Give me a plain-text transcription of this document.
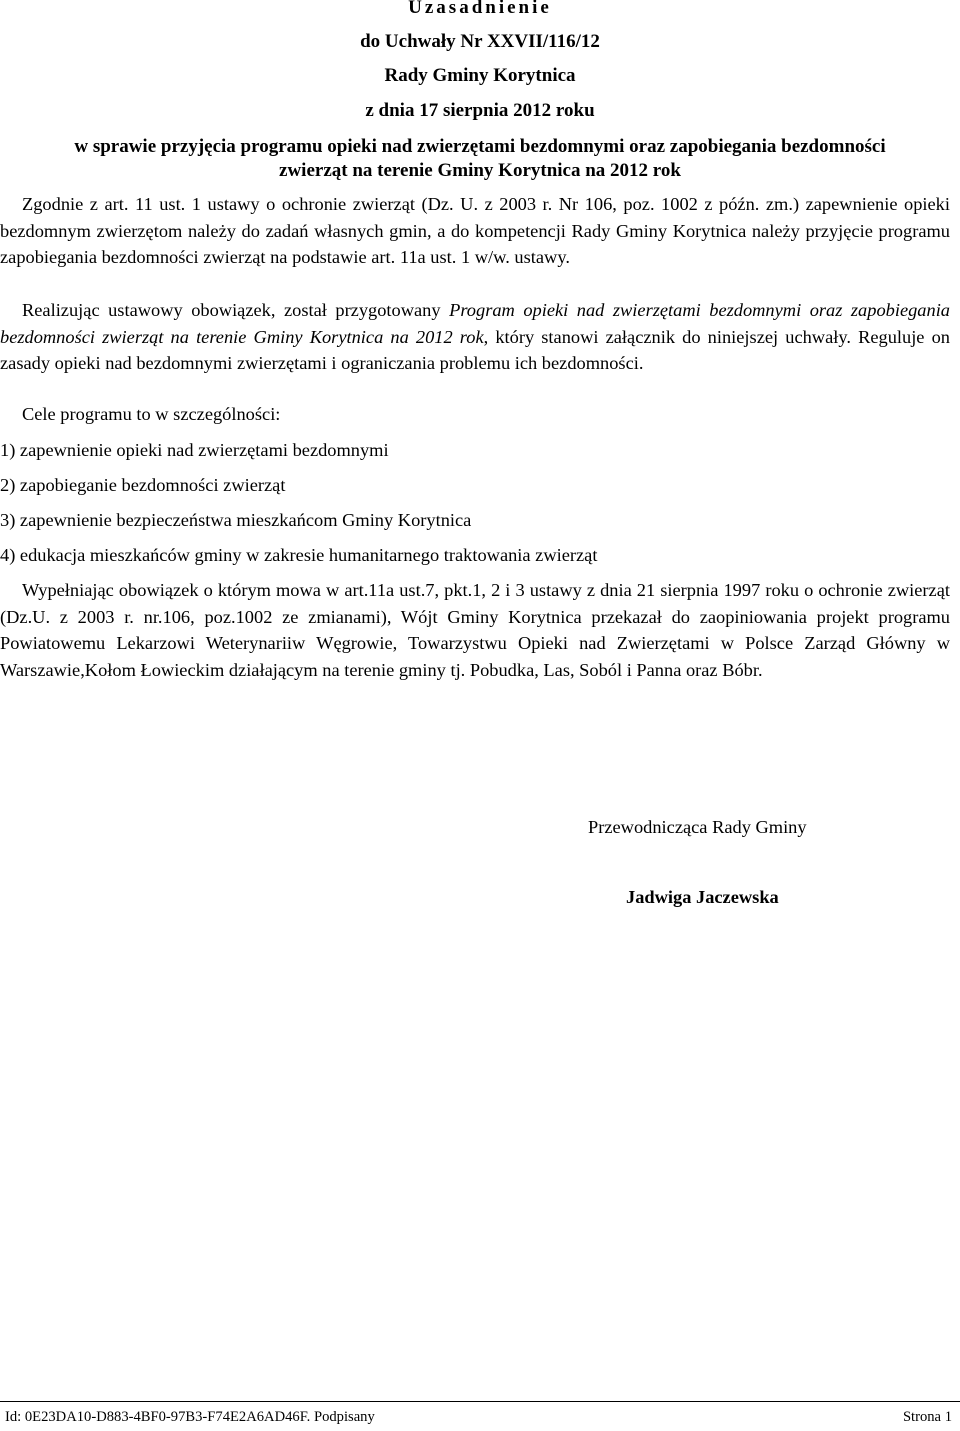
Uzasadnienie
do Uchwały Nr XXVII/116/12
Rady Gminy Korytnica
z dnia 17 sierpnia 2012 roku
w sprawie przyjęcia programu opieki nad zwierzętami bezdomnymi oraz zapobiegania bezdomności
zwierząt na terenie Gminy Korytnica na 2012 rok
Zgodnie z art. 11 ust. 1 ustawy o ochronie zwierząt (Dz. U. z 2003 r. Nr 106, poz. 1002 z późn. zm.) zapewnienie opieki bezdomnym zwierzętom należy do zadań własnych gmin, a do kompetencji Rady Gminy Korytnica należy przyjęcie programu zapobiegania bezdomności zwierząt na podstawie art. 11a ust. 1 w/w. ustawy.
Realizując ustawowy obowiązek, został przygotowany Program opieki nad zwierzętami bezdomnymi oraz zapobiegania bezdomności zwierząt na terenie Gminy Korytnica na 2012 rok, który stanowi załącznik do niniejszej uchwały. Reguluje on zasady opieki nad bezdomnymi zwierzętami i ograniczania problemu ich bezdomności.
Cele programu to w szczególności:
1) zapewnienie opieki nad zwierzętami bezdomnymi
2) zapobieganie bezdomności zwierząt
3) zapewnienie bezpieczeństwa mieszkańcom Gminy Korytnica
4) edukacja mieszkańców gminy w zakresie humanitarnego traktowania zwierząt
Wypełniając obowiązek o którym mowa w art.11a ust.7, pkt.1, 2 i 3 ustawy z dnia 21 sierpnia 1997 roku o ochronie zwierząt (Dz.U. z 2003 r. nr.106, poz.1002 ze zmianami), Wójt Gminy Korytnica przekazał do zaopiniowania projekt programu Powiatowemu Lekarzowi Weterynariiw Węgrowie, Towarzystwu Opieki nad Zwierzętami w Polsce Zarząd Główny w Warszawie,Kołom Łowieckim działającym na terenie gminy tj. Pobudka, Las, Soból i Panna oraz Bóbr.
Przewodnicząca Rady Gminy
Jadwiga Jaczewska
Id: 0E23DA10-D883-4BF0-97B3-F74E2A6AD46F. Podpisany	Strona 1
